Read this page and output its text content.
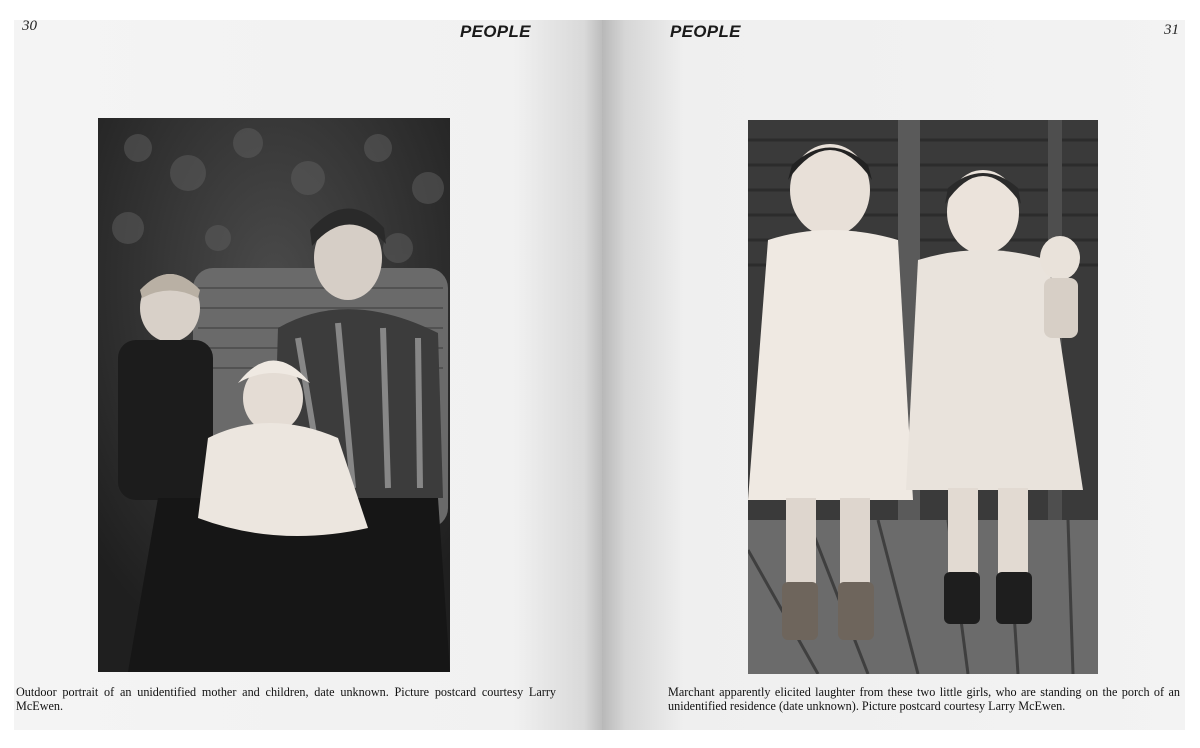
30	PEOPLE
Outdoor portrait of an unidentified mother and children, date unknown. Picture postcard courtesy Larry McEwen.
PEOPLE	31
Marchant apparently elicited laughter from these two little girls, who are standing on the porch of an unidentified residence (date unknown). Picture postcard courtesy Larry McEwen.
